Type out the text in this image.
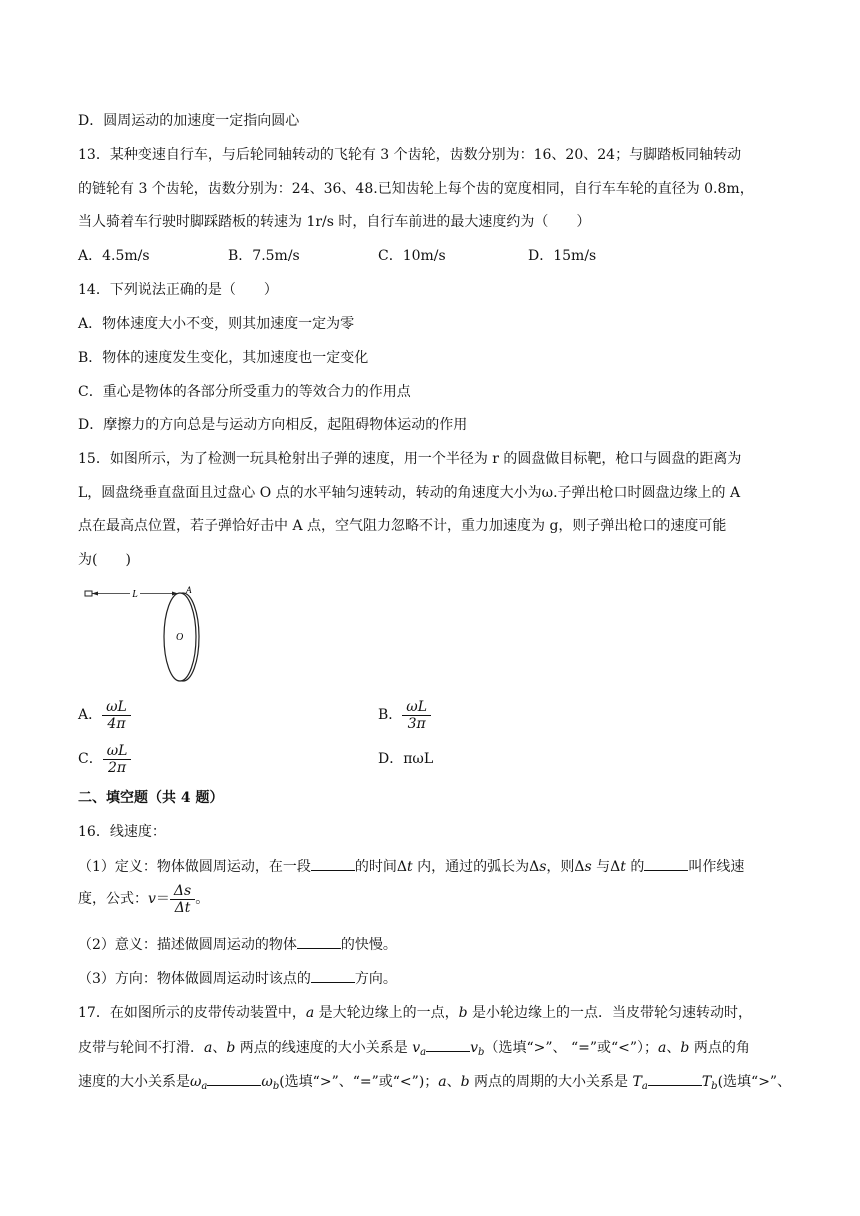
D．圆周运动的加速度一定指向圆心
13．某种变速自行车，与后轮同轴转动的飞轮有 3 个齿轮，齿数分别为：16、20、24；与脚踏板同轴转动
的链轮有 3 个齿轮，齿数分别为：24、36、48.已知齿轮上每个齿的宽度相同，自行车车轮的直径为 0.8m，
当人骑着车行驶时脚踩踏板的转速为 1r/s 时，自行车前进的最大速度约为（　　）
A．4.5m/s	B．7.5m/s	C．10m/s	D．15m/s
14．下列说法正确的是（　　）
A．物体速度大小不变，则其加速度一定为零
B．物体的速度发生变化，其加速度也一定变化
C．重心是物体的各部分所受重力的等效合力的作用点
D．摩擦力的方向总是与运动方向相反，起阻碍物体运动的作用
15．如图所示，为了检测一玩具枪射出子弹的速度，用一个半径为 r 的圆盘做目标靶，枪口与圆盘的距离为
L，圆盘绕垂直盘面且过盘心 O 点的水平轴匀速转动，转动的角速度大小为ω.子弹出枪口时圆盘边缘上的 A
点在最高点位置，若子弹恰好击中 A 点，空气阻力忽略不计，重力加速度为 g，则子弹出枪口的速度可能
为(　　)
L	A
O
A． $\frac{\omega L}{4\pi}$	B． $\frac{\omega L}{3\pi}$
C． $\frac{\omega L}{2\pi}$	D．πωL
二、填空题（共 4 题）
16．线速度：
（1）定义：物体做圆周运动，在一段	的时间Δt 内，通过的弧长为Δs，则Δs 与Δt 的	叫作线速
度，公式：$v= \frac{\Delta s}{\Delta t}$ 。
（2）意义：描述做圆周运动的物体	的快慢。
（3）方向：物体做圆周运动时该点的	方向。
17．在如图所示的皮带传动装置中，a 是大轮边缘上的一点，b 是小轮边缘上的一点．当皮带轮匀速转动时，
皮带与轮间不打滑．a、b 两点的线速度的大小关系是 $v_a$	$v_b$（选填“>”、 “=”或“<”）；a、b 两点的角
速度的大小关系是$\omega_a$	$\omega_b$(选填“>”、“=”或“<”)；a、b 两点的周期的大小关系是 $T_a$	$T_b$(选填“>”、
